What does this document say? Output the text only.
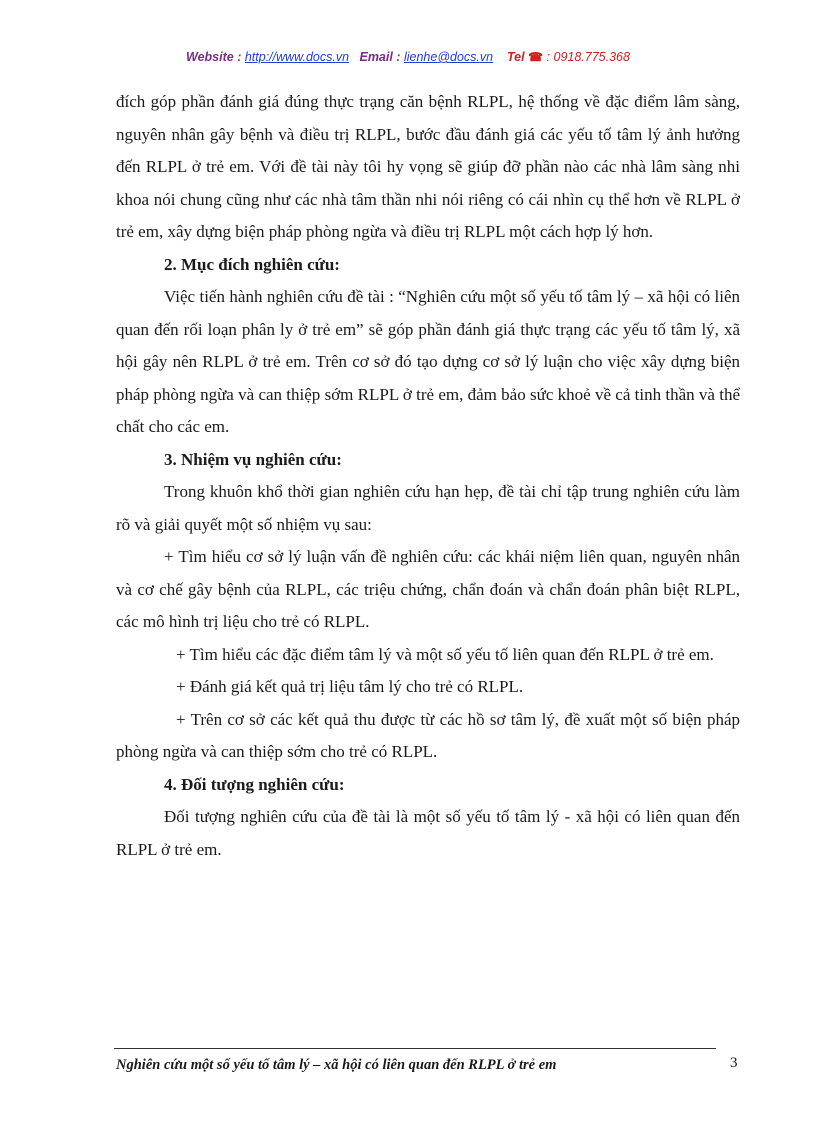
Website : http://www.docs.vn Email : lienhe@docs.vn Tel ☎ : 0918.775.368

đích góp phần đánh giá đúng thực trạng căn bệnh RLPL, hệ thống về đặc điểm lâm sàng, nguyên nhân gây bệnh và điều trị RLPL, bước đầu đánh giá các yếu tố tâm lý ảnh hưởng đến RLPL ở trẻ em. Với đề tài này tôi hy vọng sẽ giúp đỡ phần nào các nhà lâm sàng nhi khoa nói chung cũng như các nhà tâm thần nhi nói riêng có cái nhìn cụ thể hơn về RLPL ở trẻ em, xây dựng biện pháp phòng ngừa và điều trị RLPL một cách hợp lý hơn.

2. Mục đích nghiên cứu:

Việc tiến hành nghiên cứu đề tài : “Nghiên cứu một số yếu tố tâm lý – xã hội có liên quan đến rối loạn phân ly ở trẻ em” sẽ góp phần đánh giá thực trạng các yếu tố tâm lý, xã hội gây nên RLPL ở trẻ em. Trên cơ sở đó tạo dựng cơ sở lý luận cho việc xây dựng biện pháp phòng ngừa và can thiệp sớm RLPL ở trẻ em, đảm bảo sức khoẻ về cả tinh thần và thể chất cho các em.

3. Nhiệm vụ nghiên cứu:

Trong khuôn khổ thời gian nghiên cứu hạn hẹp, đề tài chỉ tập trung nghiên cứu làm rõ và giải quyết một số nhiệm vụ sau:

+ Tìm hiểu cơ sở lý luận vấn đề nghiên cứu: các khái niệm liên quan, nguyên nhân và cơ chế gây bệnh của RLPL, các triệu chứng, chẩn đoán và chẩn đoán phân biệt RLPL, các mô hình trị liệu cho trẻ có RLPL.

+ Tìm hiểu các đặc điểm tâm lý và một số yếu tố liên quan đến RLPL ở trẻ em.

+ Đánh giá kết quả trị liệu tâm lý cho trẻ có RLPL.

+ Trên cơ sở các kết quả thu được từ các hồ sơ tâm lý, đề xuất một số biện pháp phòng ngừa và can thiệp sớm cho trẻ có RLPL.

4. Đối tượng nghiên cứu:

Đối tượng nghiên cứu của đề tài là một số yếu tố tâm lý - xã hội có liên quan đến RLPL ở trẻ em.

Nghiên cứu một số yếu tố tâm lý – xã hội có liên quan đến RLPL ở trẻ em	3
